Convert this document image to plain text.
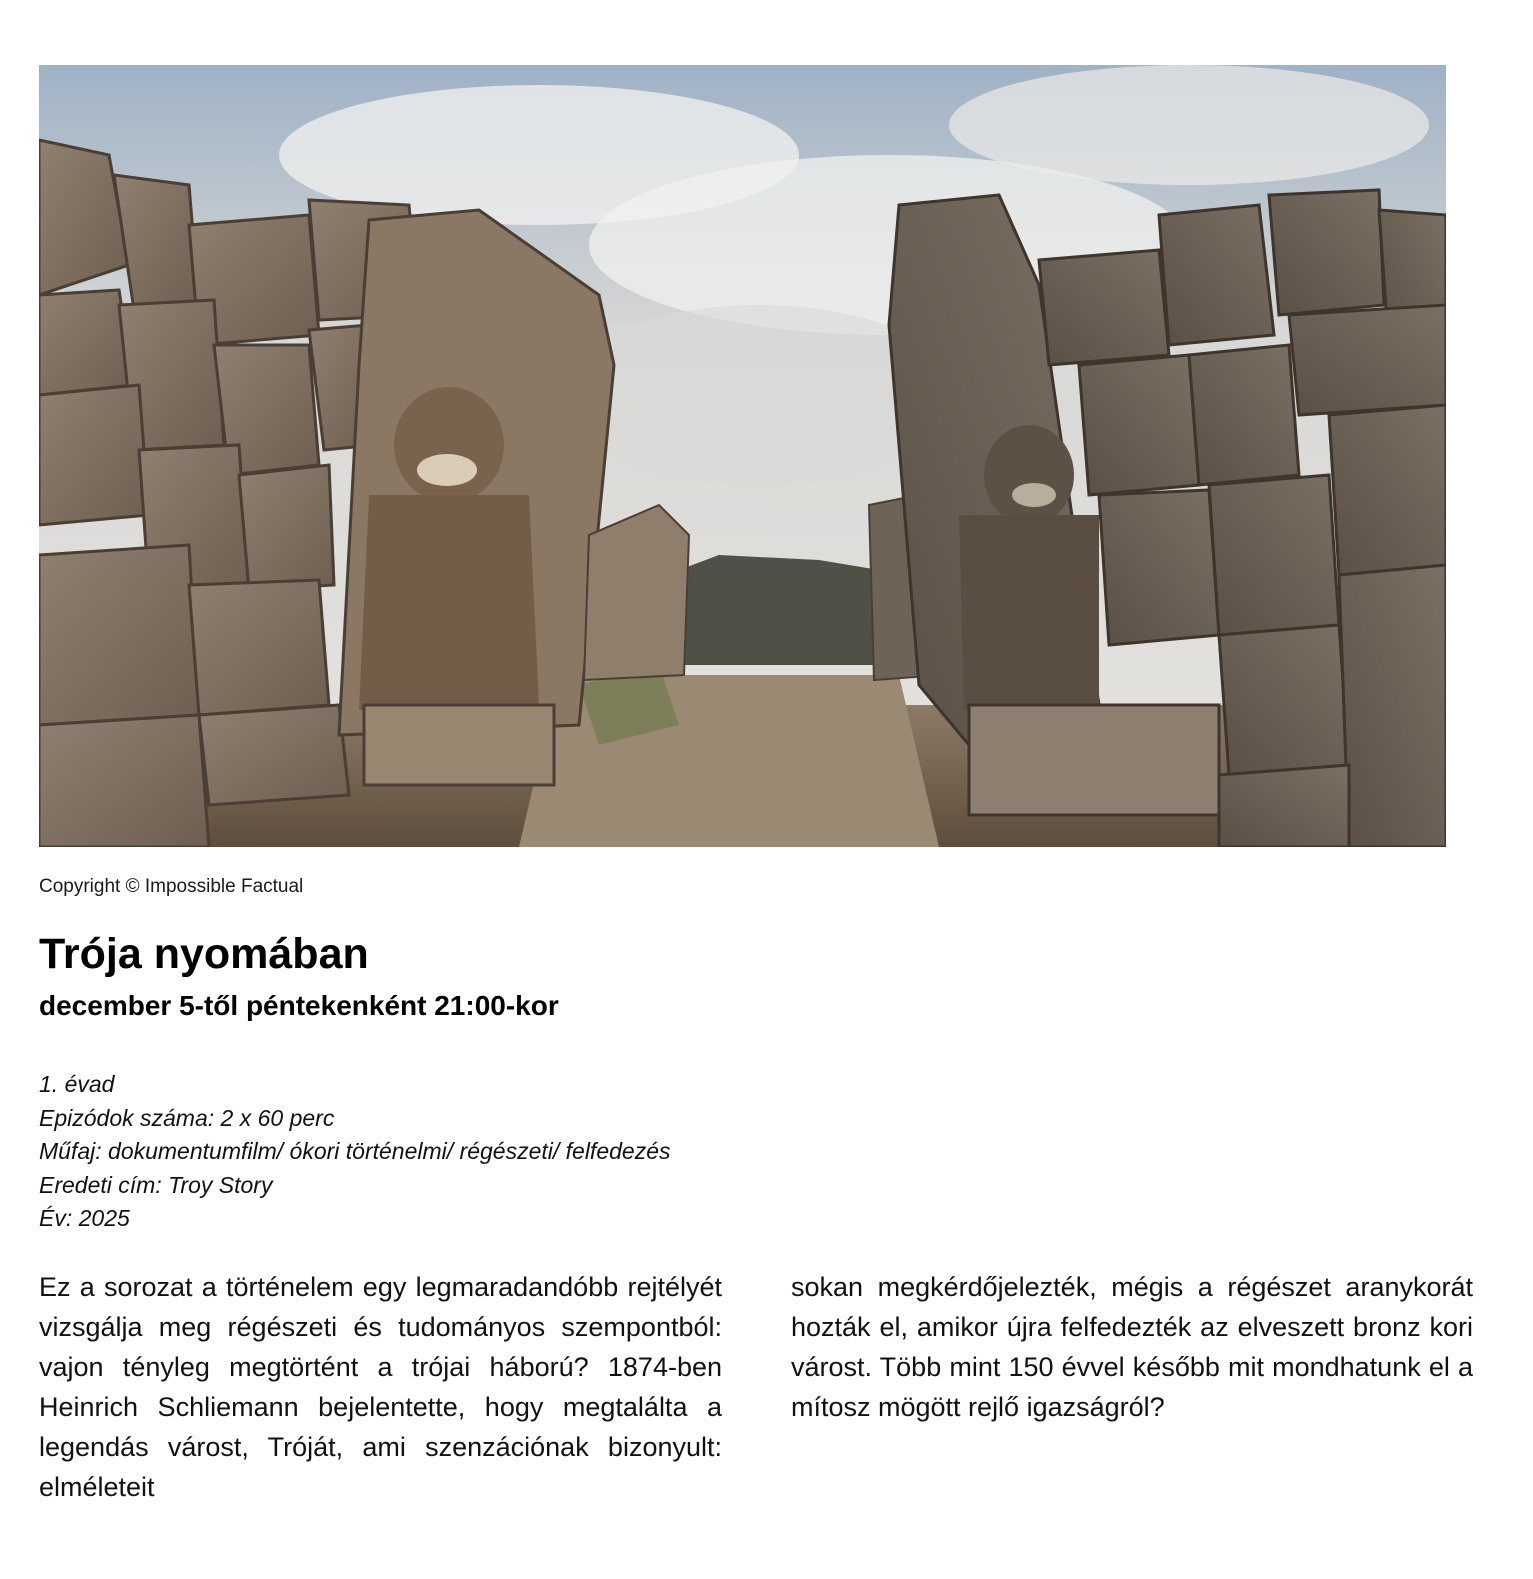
Copyright © Impossible Factual
Trója nyomában
december 5-től péntekenként 21:00-kor
1. évad
Epizódok száma: 2 x 60 perc
Műfaj: dokumentumfilm/ ókori történelmi/ régészeti/ felfedezés
Eredeti cím: Troy Story
Év: 2025

Ez a sorozat a történelem egy legmaradandóbb rejtélyét vizsgálja meg régészeti és tudományos szempontból: vajon tényleg megtörtént a trójai háború? 1874-ben Heinrich Schliemann bejelentette, hogy megtalálta a legendás várost, Tróját, ami szenzációnak bizonyult: elméleteit

sokan megkérdőjelezték, mégis a régészet aranykorát hozták el, amikor újra felfedezték az elveszett bronz kori várost. Több mint 150 évvel később mit mondhatunk el a mítosz mögött rejlő igazságról?
